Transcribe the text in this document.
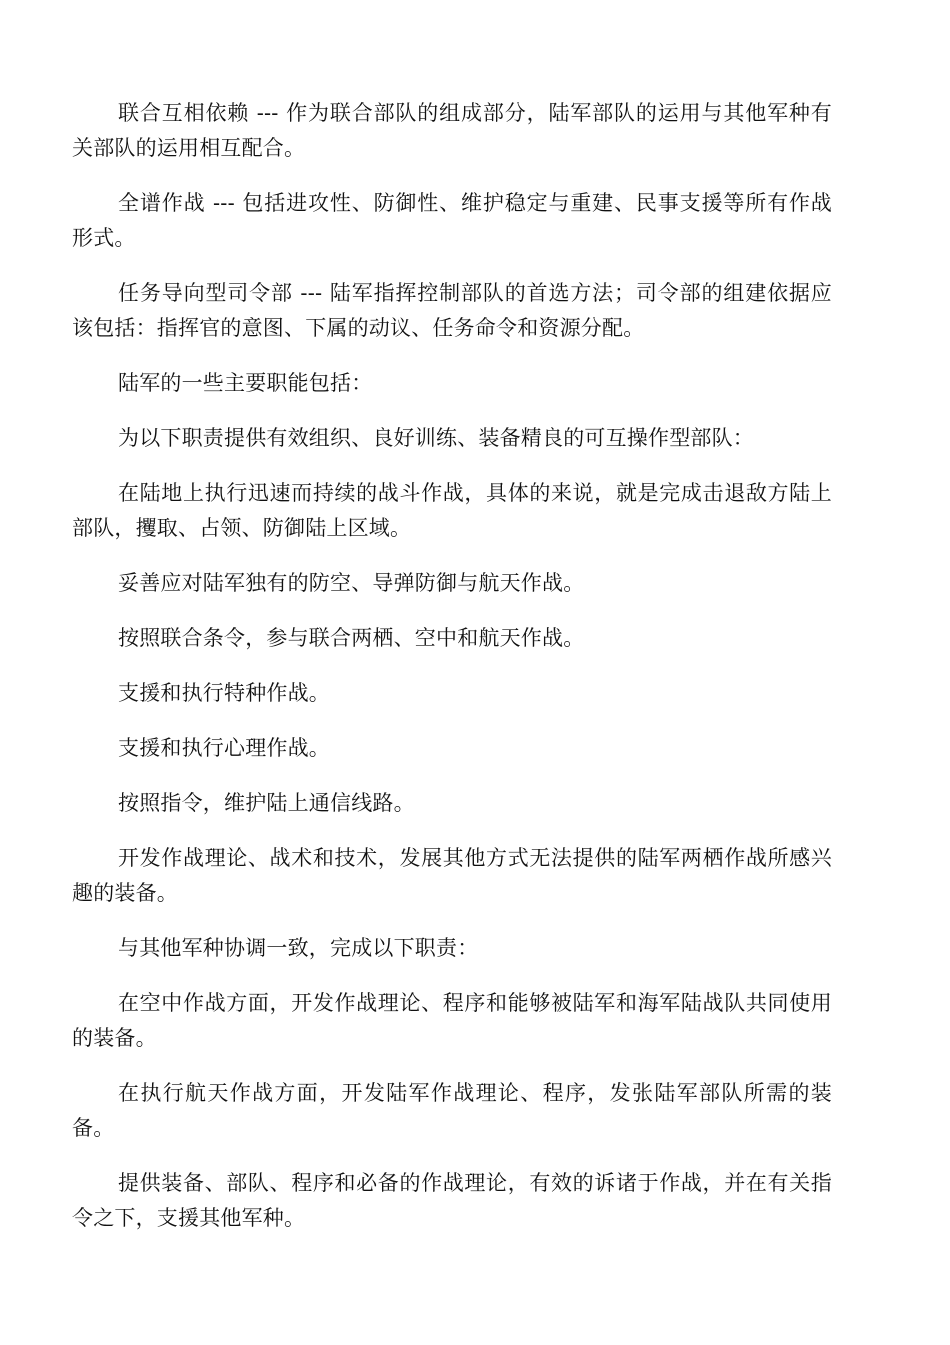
联合互相依赖 --- 作为联合部队的组成部分，陆军部队的运用与其他军种有关部队的运用相互配合。

全谱作战 --- 包括进攻性、防御性、维护稳定与重建、民事支援等所有作战形式。

任务导向型司令部 --- 陆军指挥控制部队的首选方法；司令部的组建依据应该包括：指挥官的意图、下属的动议、任务命令和资源分配。

陆军的一些主要职能包括：

为以下职责提供有效组织、良好训练、装备精良的可互操作型部队：

在陆地上执行迅速而持续的战斗作战，具体的来说，就是完成击退敌方陆上部队，攫取、占领、防御陆上区域。

妥善应对陆军独有的防空、导弹防御与航天作战。

按照联合条令，参与联合两栖、空中和航天作战。

支援和执行特种作战。

支援和执行心理作战。

按照指令，维护陆上通信线路。

开发作战理论、战术和技术，发展其他方式无法提供的陆军两栖作战所感兴趣的装备。

与其他军种协调一致，完成以下职责：

在空中作战方面，开发作战理论、程序和能够被陆军和海军陆战队共同使用的装备。

在执行航天作战方面，开发陆军作战理论、程序，发张陆军部队所需的装备。

提供装备、部队、程序和必备的作战理论，有效的诉诸于作战，并在有关指令之下，支援其他军种。
